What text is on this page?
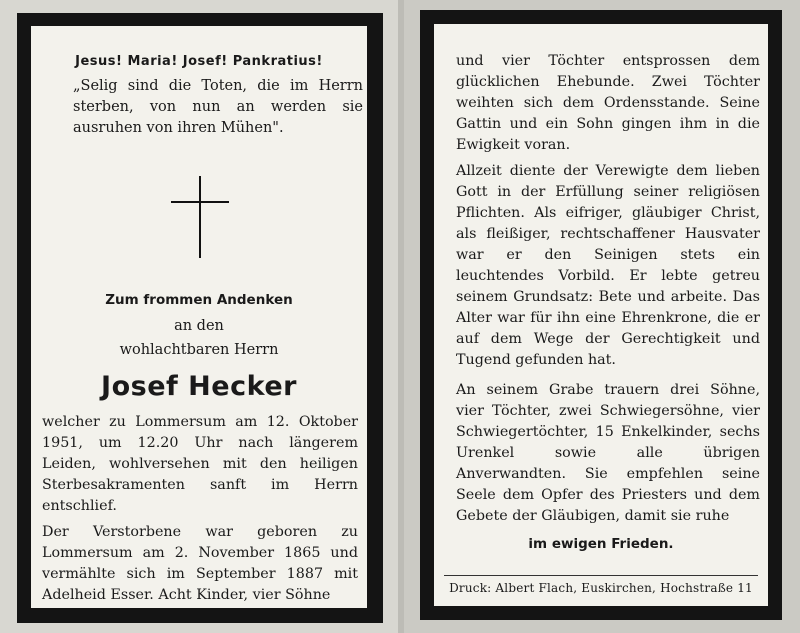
Jesus! Maria! Josef! Pankratius!
„Selig sind die Toten, die im Herrn sterben, von nun an werden sie ausruhen von ihren Mühen".
Zum frommen Andenken
an den
wohlachtbaren Herrn
Josef Hecker

welcher zu Lommersum am 12. Oktober 1951, um 12.20 Uhr nach längerem Leiden, wohlversehen mit den heiligen Sterbesakramenten sanft im Herrn entschlief.

Der Verstorbene war geboren zu Lommersum am 2. November 1865 und vermählte sich im September 1887 mit Adelheid Esser. Acht Kinder, vier Söhne

und vier Töchter entsprossen dem glücklichen Ehebunde. Zwei Töchter weihten sich dem Ordensstande. Seine Gattin und ein Sohn gingen ihm in die Ewigkeit voran.

Allzeit diente der Verewigte dem lieben Gott in der Erfüllung seiner religiösen Pflichten. Als eifriger, gläubiger Christ, als fleißiger, rechtschaffener Hausvater war er den Seinigen stets ein leuchtendes Vorbild. Er lebte getreu seinem Grundsatz: Bete und arbeite. Das Alter war für ihn eine Ehrenkrone, die er auf dem Wege der Gerechtigkeit und Tugend gefunden hat.

An seinem Grabe trauern drei Söhne, vier Töchter, zwei Schwiegersöhne, vier Schwiegertöchter, 15 Enkelkinder, sechs Urenkel sowie alle übrigen Anverwandten. Sie empfehlen seine Seele dem Opfer des Priesters und dem Gebete der Gläubigen, damit sie ruhe

im ewigen Frieden.
Druck: Albert Flach, Euskirchen, Hochstraße 11
